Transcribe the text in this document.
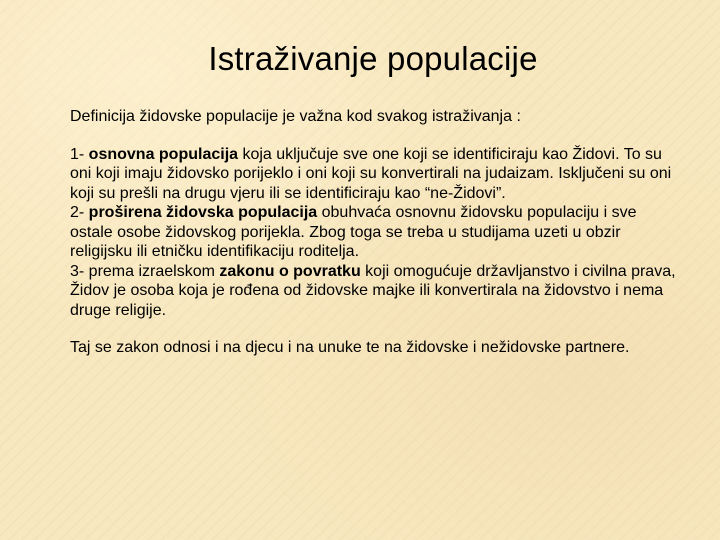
Istraživanje populacije

Definicija židovske populacije je važna kod svakog istraživanja :

1- osnovna populacija koja uključuje sve one koji se identificiraju kao Židovi. To su oni koji imaju židovsko porijeklo i oni koji su konvertirali na judaizam. Isključeni su oni koji su prešli na drugu vjeru ili se identificiraju kao “ne-Židovi”.

2- proširena židovska populacija obuhvaća osnovnu židovsku populaciju i sve ostale osobe židovskog porijekla. Zbog toga se treba u studijama uzeti u obzir religijsku ili etničku identifikaciju roditelja.

3- prema izraelskom zakonu o povratku koji omogućuje državljanstvo i civilna prava, Židov je osoba koja je rođena od židovske majke ili konvertirala na židovstvo i nema druge religije.

Taj se zakon odnosi i na djecu i na unuke te na židovske i nežidovske partnere.
